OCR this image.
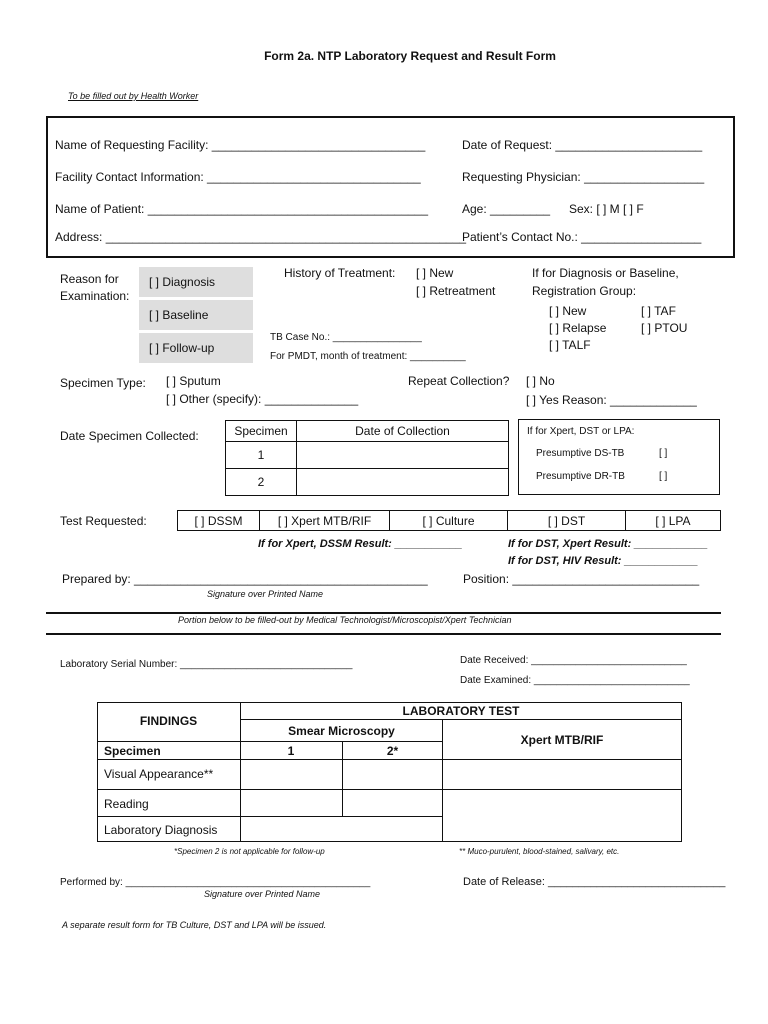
Form 2a. NTP Laboratory Request and Result Form
To be filled out by Health Worker
Name of Requesting Facility: ________________________________	Date of Request: ______________________
Facility Contact Information: ________________________________	Requesting Physician: __________________
Name of Patient: __________________________________________	Age: _________ Sex: [ ] M [ ] F
Address: ______________________________________________________
Patient’s Contact No.: __________________
Reason for
Examination:
[ ] Diagnosis
[ ] Baseline
[ ] Follow-up
History of Treatment: [ ] New
[ ] Retreatment
TB Case No.: ________________
For PMDT, month of treatment: __________
If for Diagnosis or Baseline,
Registration Group:
[ ] New	[ ] TAF
[ ] Relapse	[ ] PTOU
[ ] TALF
Specimen Type: [ ] Sputum
[ ] Other (specify): ______________
Repeat Collection? [ ] No
[ ] Yes Reason: _____________
Date Specimen Collected:	Specimen	Date of Collection
1	
2	
If for Xpert, DST or LPA:
Presumptive DS-TB	[ ]
Presumptive DR-TB	[ ]
Test Requested:	[ ] DSSM	[ ] Xpert MTB/RIF	[ ] Culture	[ ] DST	[ ] LPA
If for Xpert, DSSM Result: ___________	If for DST, Xpert Result: ____________
If for DST, HIV Result: ____________
Prepared by: ____________________________________________
Signature over Printed Name
Position: ____________________________
Portion below to be filled-out by Medical Technologist/Microscopist/Xpert Technician
Laboratory Serial Number: _______________________________	Date Received: ____________________________
Date Examined: ____________________________
FINDINGS
LABORATORY TEST
Smear Microscopy
Xpert MTB/RIF
Specimen	1	2*
Visual Appearance**
Reading
Laboratory Diagnosis
*Specimen 2 is not applicable for follow-up	** Muco-purulent, blood-stained, salivary, etc.
Performed by: ____________________________________________
Signature over Printed Name
Date of Release: _____________________________
A separate result form for TB Culture, DST and LPA will be issued.
